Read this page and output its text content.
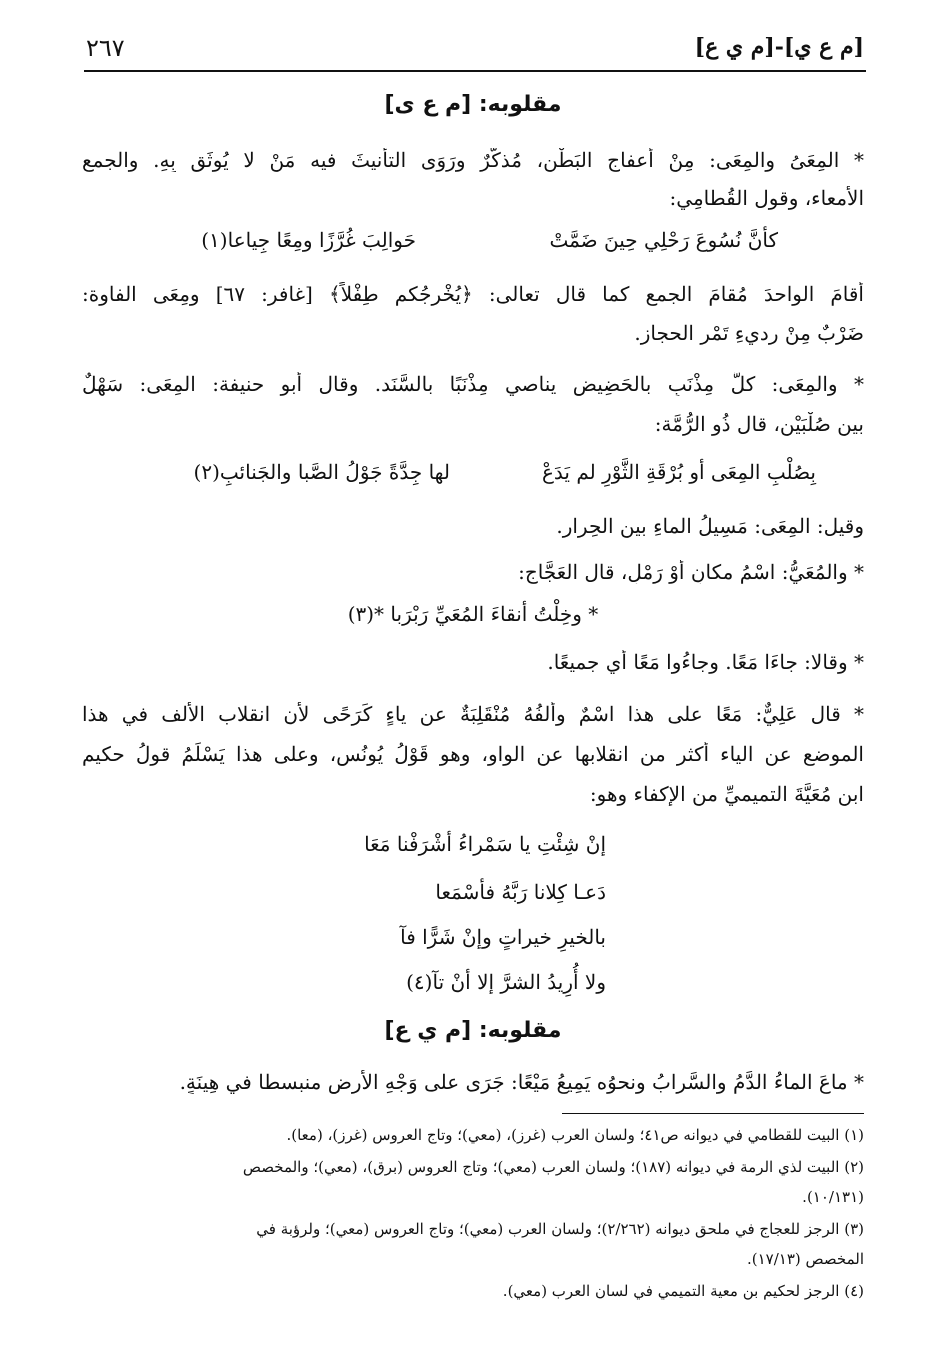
٢٦٧	[م ع ي]-[م ي ع]
مقلوبه: [م ع ى]
* المِعَىُ والمِعَى: مِنْ أعفاجِ البَطْنِ، مُذكَّرٌ ورَوَى التأنيثَ فيه مَنْ لا يُوثَق بِهِ. والجمع
الأمعاء، وقول القُطامِي:
كأنَّ نُسُوعَ رَحْلِي حِينَ ضَمَّتْ
حَوالِبَ غُرَّزًا ومِعًا جِياعا(١)
أقامَ الواحدَ مُقامَ الجمع كما قال تعالى: ﴿يُخْرِجُكم طِفْلاً﴾ [غافر: ٦٧] ومِعَى الفاوة:
ضَرْبٌ مِنْ رديءِ تَمْرِ الحجاز.
* والمِعَى: كلُّ مِذْنَبٍ بالحَضِيضِ يناصي مِذْنَبًا بالسَّنَد. وقال أبو حنيفة: المِعَى: سَهْلٌ
بين صُلْبَيْن، قال ذُو الرُّمَّة:
بِصُلْبِ المِعَى أو بُرْقَةِ الثَّوْرِ لم يَدَعْ
لها جِدَّةً جَوْلُ الصَّبا والجَنائبِ(٢)
وقيل: المِعَى: مَسِيلُ الماءِ بين الحِرارِ.
* والمُعَيُّ: اسْمُ مكانٍ أوْ رَمْلٍ، قال العَجَّاج:
* وخِلْتُ أنقاءَ المُعَيِّ رَبْرَبا *(٣)
* وقالا: جاءَا مَعًا. وجاءُوا مَعًا أي جميعًا.
* قال عَلِيٌّ: مَعًا على هذا اسْمٌ وألفُهُ مُنْقَلِبَةٌ عن ياءٍ كَرَحًى لأن انقلاب الألف في هذا
الموضع عن الياء أكثر من انقلابها عن الواو، وهو قَوْلُ يُونُس، وعلى هذا يَسْلَمُ قولُ حكيم
ابنِ مُعَيَّةَ التميميِّ من الإكفاء وهو:
إنْ شِئْتِ يا سَمْراءُ أشْرَفْنا مَعَا
دَعـا كِلانا رَبَّهُ فأسْمَعا
بالخيرِ خيراتٍ وإنْ شَرًّا فآ
ولا أُرِيدُ الشرَّ إلا أنْ تآ(٤)
مقلوبه: [م ي ع]
* ماعَ الماءُ الدَّمُ والسَّرابُ ونحوُه يَمِيعُ مَيْعًا: جَرَى على وَجْهِ الأرضِ منبسطا في هِينَةٍ.
(١) البيت للقطامي في ديوانه ص٤١؛ ولسان العرب (غرز)، (معي)؛ وتاج العروس (غرز)، (معا).
(٢) البيت لذي الرمة في ديوانه (١٨٧)؛ ولسان العرب (معي)؛ وتاج العروس (برق)، (معي)؛ والمخصص
(١٠/١٣١).
(٣) الرجز للعجاج في ملحق ديوانه (٢/٢٦٢)؛ ولسان العرب (معي)؛ وتاج العروس (معي)؛ ولرؤبة في
المخصص (١٧/١٣).
(٤) الرجز لحكيم بن معية التميمي في لسان العرب (معي).
